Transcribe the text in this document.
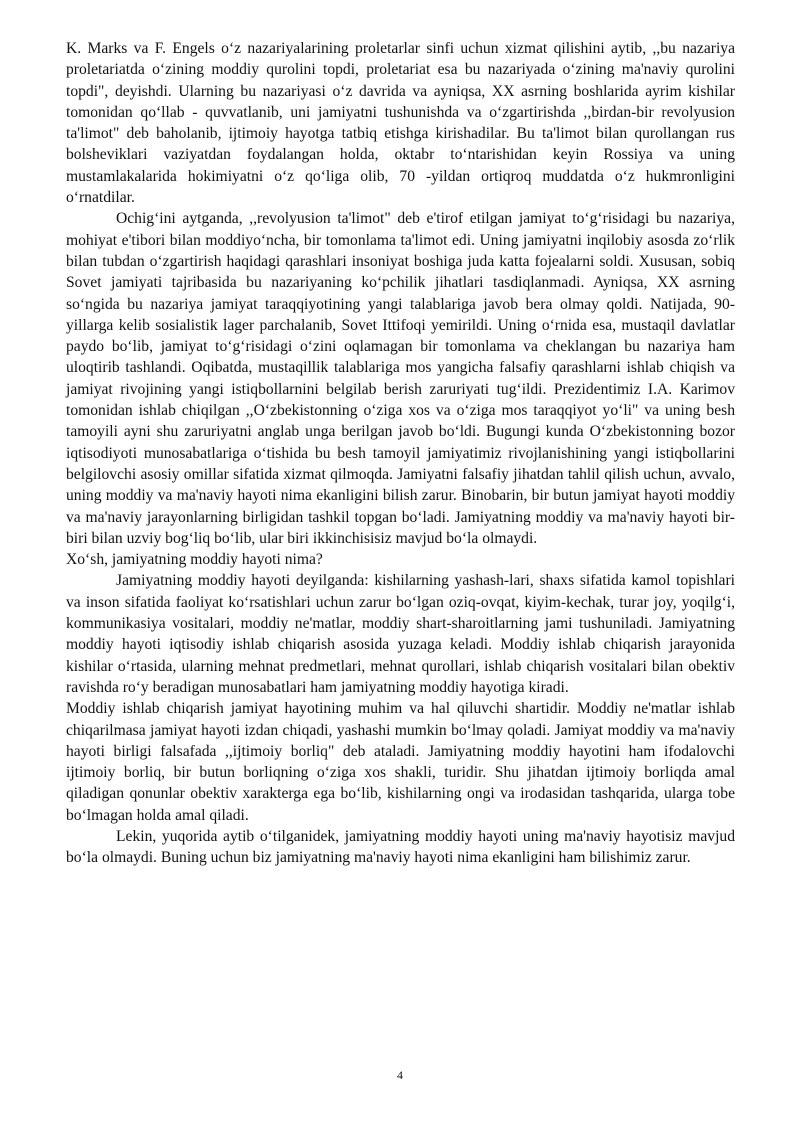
K. Marks va F. Engels o‘z nazariyalarining proletarlar sinfi uchun xizmat qilishini aytib, ,,bu nazariya proletariatda o‘zining moddiy qurolini topdi, proletariat esa bu nazariyada o‘zining ma'naviy qurolini topdi", deyishdi. Ularning bu nazariyasi o‘z davrida va ayniqsa, XX asrning boshlarida ayrim kishilar tomonidan qo‘llab - quvvatlanib, uni jamiyatni tushunishda va o‘zgartirishda ,,birdan-bir revolyusion ta'limot" deb baholanib, ijtimoiy hayotga tatbiq etishga kirishadilar. Bu ta'limot bilan qurollangan rus bolsheviklari vaziyatdan foydalangan holda, oktabr to‘ntarishidan keyin Rossiya va uning mustamlakalarida hokimiyatni o‘z qo‘liga olib, 70 -yildan ortiqroq muddatda o‘z hukmronligini o‘rnatdilar.

Ochig‘ini aytganda, ,,revolyusion ta'limot" deb e'tirof etilgan jamiyat to‘g‘risidagi bu nazariya, mohiyat e'tibori bilan moddiyo‘ncha, bir tomonlama ta'limot edi. Uning jamiyatni inqilobiy asosda zo‘rlik bilan tubdan o‘zgartirish haqidagi qarashlari insoniyat boshiga juda katta fojealarni soldi. Xususan, sobiq Sovet jamiyati tajribasida bu nazariyaning ko‘pchilik jihatlari tasdiqlanmadi. Ayniqsa, XX asrning so‘ngida bu nazariya jamiyat taraqqiyotining yangi talablariga javob bera olmay qoldi. Natijada, 90-yillarga kelib sosialistik lager parchalanib, Sovet Ittifoqi yemirildi. Uning o‘rnida esa, mustaqil davlatlar paydo bo‘lib, jamiyat to‘g‘risidagi o‘zini oqlamagan bir tomonlama va cheklangan bu nazariya ham uloqtirib tashlandi. Oqibatda, mustaqillik talablariga mos yangicha falsafiy qarashlarni ishlab chiqish va jamiyat rivojining yangi istiqbollarnini belgilab berish zaruriyati tug‘ildi. Prezidentimiz I.A. Karimov tomonidan ishlab chiqilgan ,,O‘zbekistonning o‘ziga xos va o‘ziga mos taraqqiyot yo‘li" va uning besh tamoyili ayni shu zaruriyatni anglab unga berilgan javob bo‘ldi. Bugungi kunda O‘zbekistonning bozor iqtisodiyoti munosabatlariga o‘tishida bu besh tamoyil jamiyatimiz rivojlanishining yangi istiqbollarini belgilovchi asosiy omillar sifatida xizmat qilmoqda. Jamiyatni falsafiy jihatdan tahlil qilish uchun, avvalo, uning moddiy va ma'naviy hayoti nima ekanligini bilish zarur. Binobarin, bir butun jamiyat hayoti moddiy va ma'naviy jarayonlarning birligidan tashkil topgan bo‘ladi. Jamiyatning moddiy va ma'naviy hayoti bir-biri bilan uzviy bog‘liq bo‘lib, ular biri ikkinchisisiz mavjud bo‘la olmaydi.

Xo‘sh, jamiyatning moddiy hayoti nima?

Jamiyatning moddiy hayoti deyilganda: kishilarning yashash-lari, shaxs sifatida kamol topishlari va inson sifatida faoliyat ko‘rsatishlari uchun zarur bo‘lgan oziq-ovqat, kiyim-kechak, turar joy, yoqilg‘i, kommunikasiya vositalari, moddiy ne'matlar, moddiy shart-sharoitlarning jami tushuniladi. Jamiyatning moddiy hayoti iqtisodiy ishlab chiqarish asosida yuzaga keladi. Moddiy ishlab chiqarish jarayonida kishilar o‘rtasida, ularning mehnat predmetlari, mehnat qurollari, ishlab chiqarish vositalari bilan obektiv ravishda ro‘y beradigan munosabatlari ham jamiyatning moddiy hayotiga kiradi.

Moddiy ishlab chiqarish jamiyat hayotining muhim va hal qiluvchi shartidir. Moddiy ne'matlar ishlab chiqarilmasa jamiyat hayoti izdan chiqadi, yashashi mumkin bo‘lmay qoladi. Jamiyat moddiy va ma'naviy hayoti birligi falsafada ,,ijtimoiy borliq" deb ataladi. Jamiyatning moddiy hayotini ham ifodalovchi ijtimoiy borliq, bir butun borliqning o‘ziga xos shakli, turidir. Shu jihatdan ijtimoiy borliqda amal qiladigan qonunlar obektiv xarakterga ega bo‘lib, kishilarning ongi va irodasidan tashqarida, ularga tobe bo‘lmagan holda amal qiladi.

Lekin, yuqorida aytib o‘tilganidek, jamiyatning moddiy hayoti uning ma'naviy hayotisiz mavjud bo‘la olmaydi. Buning uchun biz jamiyatning ma'naviy hayoti nima ekanligini ham bilishimiz zarur.

4
